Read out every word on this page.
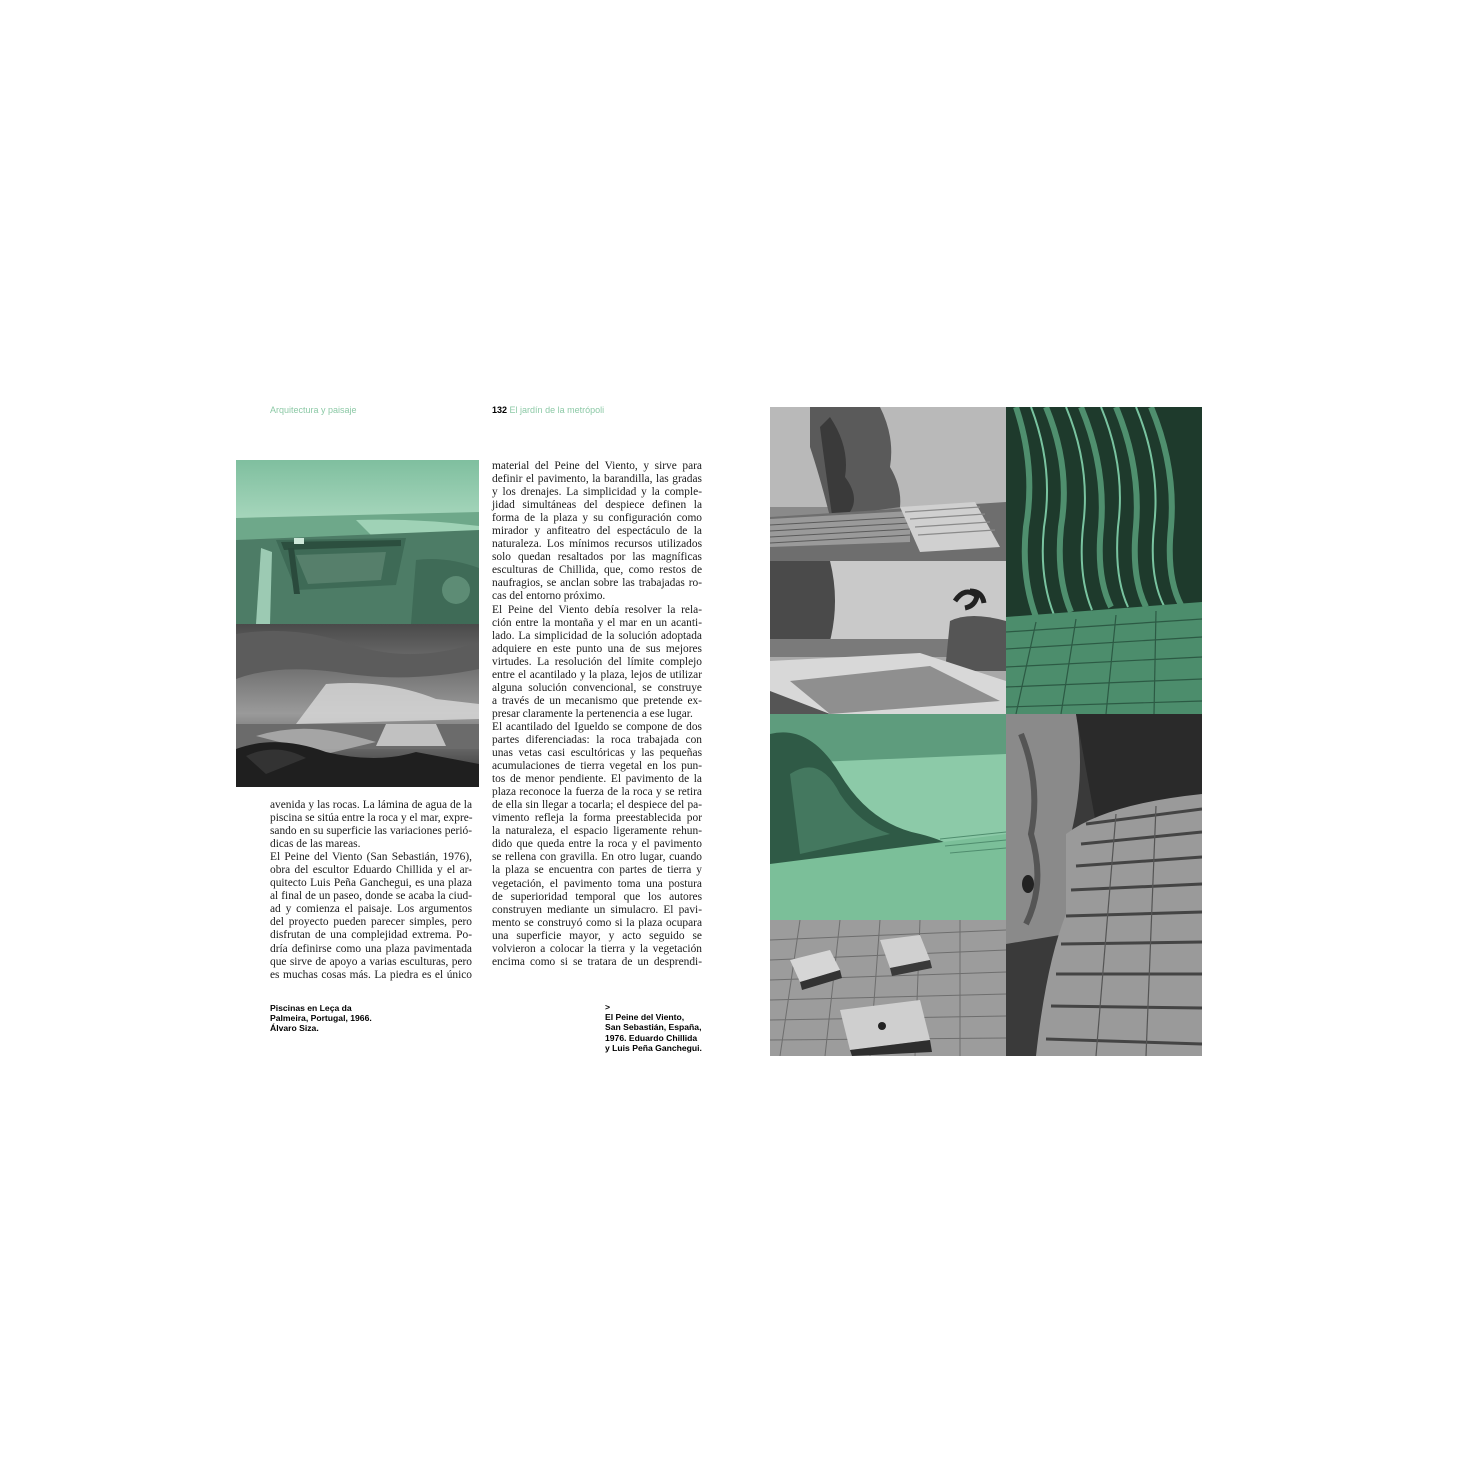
Arquitectura y paisaje	132 El jardín de la metrópoli
avenida y las rocas. La lámina de agua de la
piscina se sitúa entre la roca y el mar, expre-
sando en su superficie las variaciones perió-
dicas de las mareas.
El Peine del Viento (San Sebastián, 1976),
obra del escultor Eduardo Chillida y el ar-
quitecto Luis Peña Ganchegui, es una plaza
al final de un paseo, donde se acaba la ciud-
ad y comienza el paisaje. Los argumentos
del proyecto pueden parecer simples, pero
disfrutan de una complejidad extrema. Po-
dría definirse como una plaza pavimentada
que sirve de apoyo a varias esculturas, pero
es muchas cosas más. La piedra es el único
Piscinas en Leça da
Palmeira, Portugal, 1966.
Álvaro Siza.
material del Peine del Viento, y sirve para
definir el pavimento, la barandilla, las gradas
y los drenajes. La simplicidad y la comple-
jidad simultáneas del despiece definen la
forma de la plaza y su configuración como
mirador y anfiteatro del espectáculo de la
naturaleza. Los mínimos recursos utilizados
solo quedan resaltados por las magníficas
esculturas de Chillida, que, como restos de
naufragios, se anclan sobre las trabajadas ro-
cas del entorno próximo.
El Peine del Viento debía resolver la rela-
ción entre la montaña y el mar en un acanti-
lado. La simplicidad de la solución adoptada
adquiere en este punto una de sus mejores
virtudes. La resolución del límite complejo
entre el acantilado y la plaza, lejos de utilizar
alguna solución convencional, se construye
a través de un mecanismo que pretende ex-
presar claramente la pertenencia a ese lugar.
El acantilado del Igueldo se compone de dos
partes diferenciadas: la roca trabajada con
unas vetas casi escultóricas y las pequeñas
acumulaciones de tierra vegetal en los pun-
tos de menor pendiente. El pavimento de la
plaza reconoce la fuerza de la roca y se retira
de ella sin llegar a tocarla; el despiece del pa-
vimento refleja la forma preestablecida por
la naturaleza, el espacio ligeramente rehun-
dido que queda entre la roca y el pavimento
se rellena con gravilla. En otro lugar, cuando
la plaza se encuentra con partes de tierra y
vegetación, el pavimento toma una postura
de superioridad temporal que los autores
construyen mediante un simulacro. El pavi-
mento se construyó como si la plaza ocupara
una superficie mayor, y acto seguido se
volvieron a colocar la tierra y la vegetación
encima como si se tratara de un desprendi-
>
El Peine del Viento,
San Sebastián, España,
1976. Eduardo Chillida
y Luis Peña Ganchegui.
